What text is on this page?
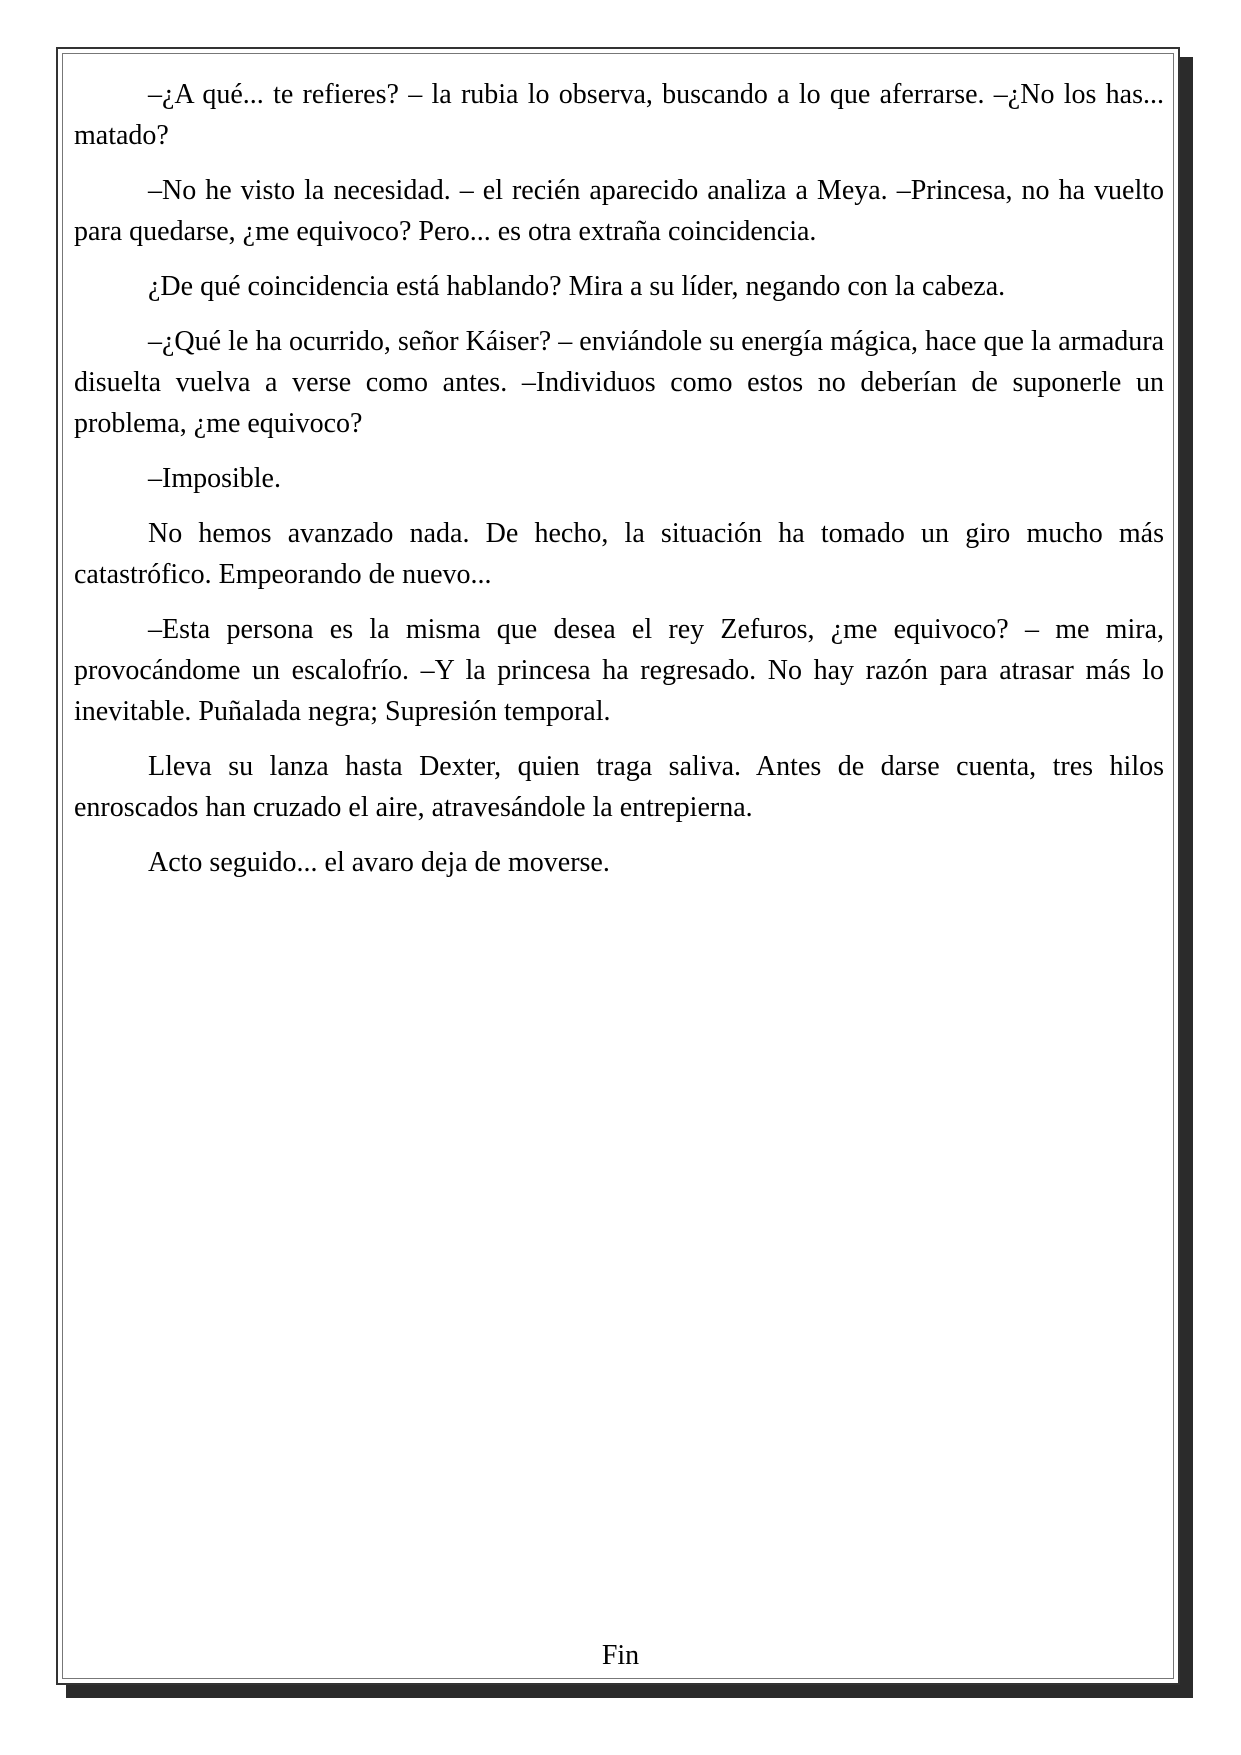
–¿A qué... te refieres? – la rubia lo observa, buscando a lo que aferrarse. –¿No los has... matado?

–No he visto la necesidad. – el recién aparecido analiza a Meya. –Princesa, no ha vuelto para quedarse, ¿me equivoco? Pero... es otra extraña coincidencia.

¿De qué coincidencia está hablando? Mira a su líder, negando con la cabeza.

–¿Qué le ha ocurrido, señor Káiser? – enviándole su energía mágica, hace que la armadura disuelta vuelva a verse como antes. –Individuos como estos no deberían de suponerle un problema, ¿me equivoco?

–Imposible.

No hemos avanzado nada. De hecho, la situación ha tomado un giro mucho más catastrófico. Empeorando de nuevo...

–Esta persona es la misma que desea el rey Zefuros, ¿me equivoco? – me mira, provocándome un escalofrío. –Y la princesa ha regresado. No hay razón para atrasar más lo inevitable. Puñalada negra; Supresión temporal.

Lleva su lanza hasta Dexter, quien traga saliva. Antes de darse cuenta, tres hilos enroscados han cruzado el aire, atravesándole la entrepierna.

Acto seguido... el avaro deja de moverse.

Fin
